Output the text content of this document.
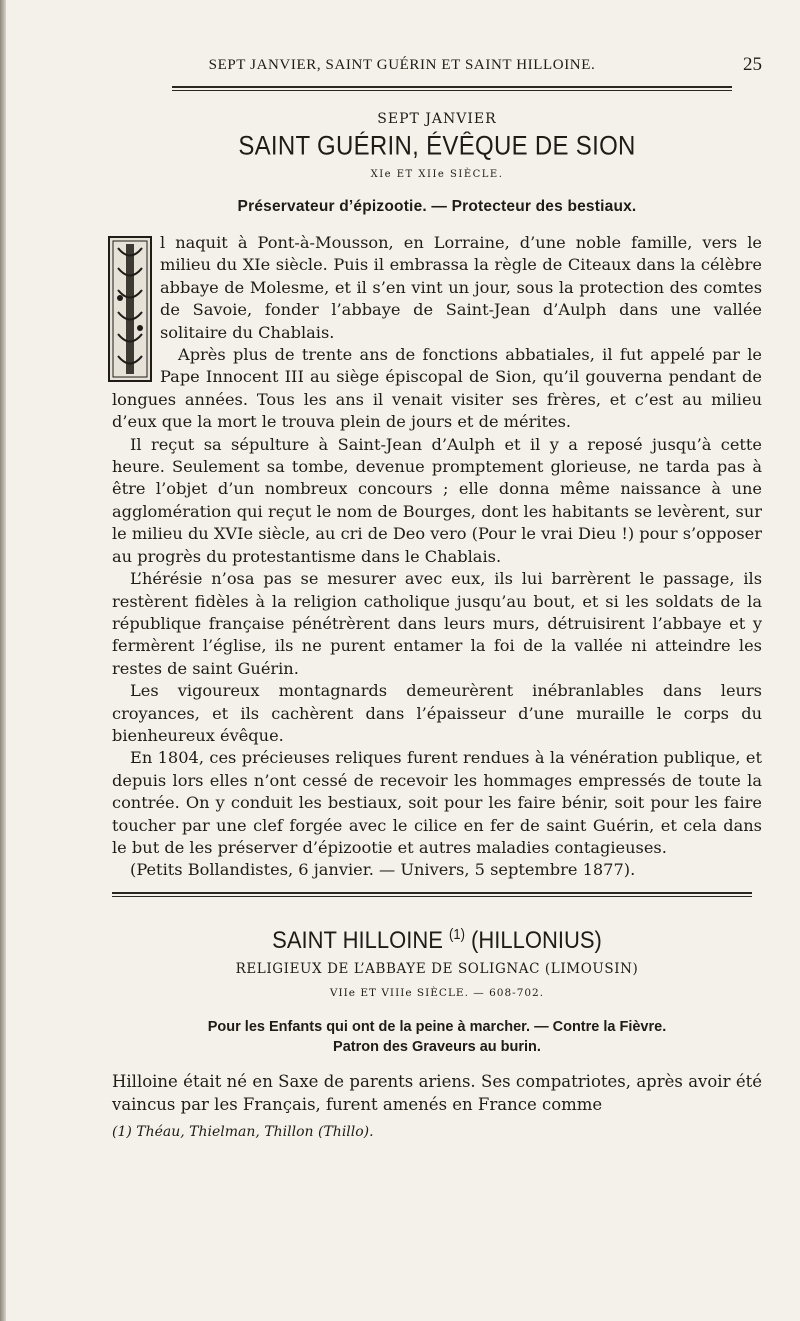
SEPT JANVIER, SAINT GUÉRIN ET SAINT HILLOINE.	25
SEPT JANVIER
SAINT GUÉRIN, ÉVÊQUE DE SION
XIe ET XIIe SIÈCLE.
Préservateur d’épizootie. — Protecteur des bestiaux.

l naquit à Pont-à-Mousson, en Lorraine, d’une noble famille, vers le milieu du XIe siècle. Puis il embrassa la règle de Citeaux dans la célèbre abbaye de Molesme, et il s’en vint un jour, sous la protection des comtes de Savoie, fonder l’abbaye de Saint-Jean d’Aulph dans une vallée solitaire du Chablais.

Après plus de trente ans de fonctions abbatiales, il fut appelé par le Pape Innocent III au siège épiscopal de Sion, qu’il gouverna pendant de longues années. Tous les ans il venait visiter ses frères, et c’est au milieu d’eux que la mort le trouva plein de jours et de mérites.

Il reçut sa sépulture à Saint-Jean d’Aulph et il y a reposé jusqu’à cette heure. Seulement sa tombe, devenue promptement glorieuse, ne tarda pas à être l’objet d’un nombreux concours ; elle donna même naissance à une agglomération qui reçut le nom de Bourges, dont les habitants se levèrent, sur le milieu du XVIe siècle, au cri de Deo vero (Pour le vrai Dieu !) pour s’opposer au progrès du protestantisme dans le Chablais.

L’hérésie n’osa pas se mesurer avec eux, ils lui barrèrent le passage, ils restèrent fidèles à la religion catholique jusqu’au bout, et si les soldats de la république française pénétrèrent dans leurs murs, détruisirent l’abbaye et y fermèrent l’église, ils ne purent entamer la foi de la vallée ni atteindre les restes de saint Guérin.

Les vigoureux montagnards demeurèrent inébranlables dans leurs croyances, et ils cachèrent dans l’épaisseur d’une muraille le corps du bienheureux évêque.

En 1804, ces précieuses reliques furent rendues à la vénération publique, et depuis lors elles n’ont cessé de recevoir les hommages empressés de toute la contrée. On y conduit les bestiaux, soit pour les faire bénir, soit pour les faire toucher par une clef forgée avec le cilice en fer de saint Guérin, et cela dans le but de les préserver d’épizootie et autres maladies contagieuses.

(Petits Bollandistes, 6 janvier. — Univers, 5 septembre 1877).

SAINT HILLOINE $^{(1)}$ (HILLONIUS)
RELIGIEUX DE L’ABBAYE DE SOLIGNAC (LIMOUSIN)
VIIe ET VIIIe SIÈCLE. — 608-702.
Pour les Enfants qui ont de la peine à marcher. — Contre la Fièvre.
Patron des Graveurs au burin.
Hilloine était né en Saxe de parents ariens. Ses compatriotes, après avoir été vaincus par les Français, furent amenés en France comme
(1) Théau, Thielman, Thillon (Thillo).
